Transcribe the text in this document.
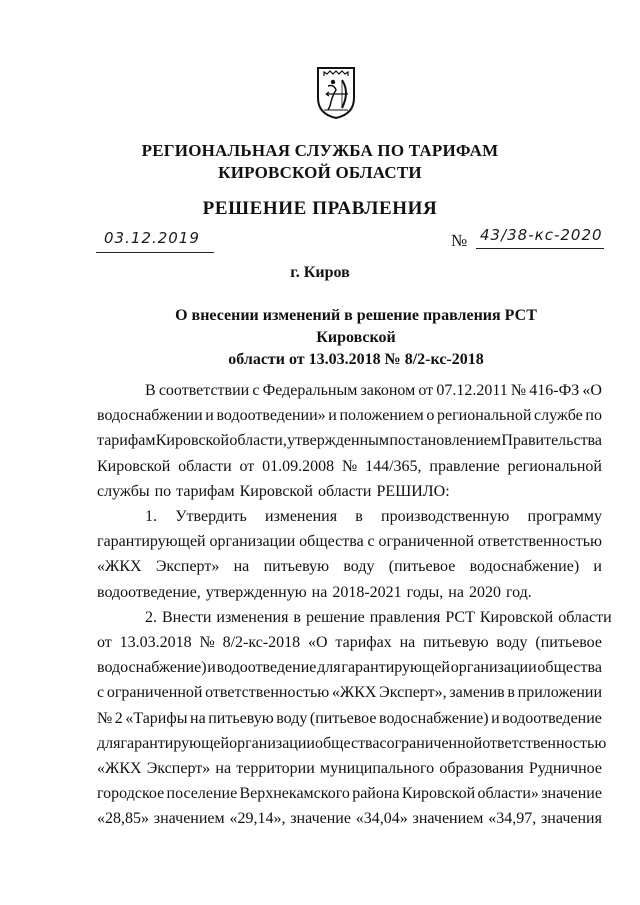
РЕГИОНАЛЬНАЯ СЛУЖБА ПО ТАРИФАМ
КИРОВСКОЙ ОБЛАСТИ
РЕШЕНИЕ ПРАВЛЕНИЯ
03.12.2019	№ 43/38-кс-2020
г. Киров
О внесении изменений в решение правления РСТ Кировской
области от 13.03.2018 № 8/2-кс-2018
В соответствии с Федеральным законом от 07.12.2011 № 416-ФЗ «О
водоснабжении и водоотведении» и положением о региональной службе по
тарифам Кировской области, утвержденным постановлением Правительства
Кировской области от 01.09.2008 № 144/365, правление региональной
службы по тарифам Кировской области РЕШИЛО:
1. Утвердить изменения в производственную программу
гарантирующей организации общества с ограниченной ответственностью
«ЖКХ Эксперт» на питьевую воду (питьевое водоснабжение) и
водоотведение, утвержденную на 2018-2021 годы, на 2020 год.
2. Внести изменения в решение правления РСТ Кировской области
от 13.03.2018 № 8/2-кс-2018 «О тарифах на питьевую воду (питьевое
водоснабжение) и водоотведение для гарантирующей организации общества
с ограниченной ответственностью «ЖКХ Эксперт», заменив в приложении
№ 2 «Тарифы на питьевую воду (питьевое водоснабжение) и водоотведение
для гарантирующей организации общества с ограниченной ответственностью
«ЖКХ Эксперт» на территории муниципального образования Рудничное
городское поселение Верхнекамского района Кировской области» значение
«28,85» значением «29,14», значение «34,04» значением «34,97, значения
